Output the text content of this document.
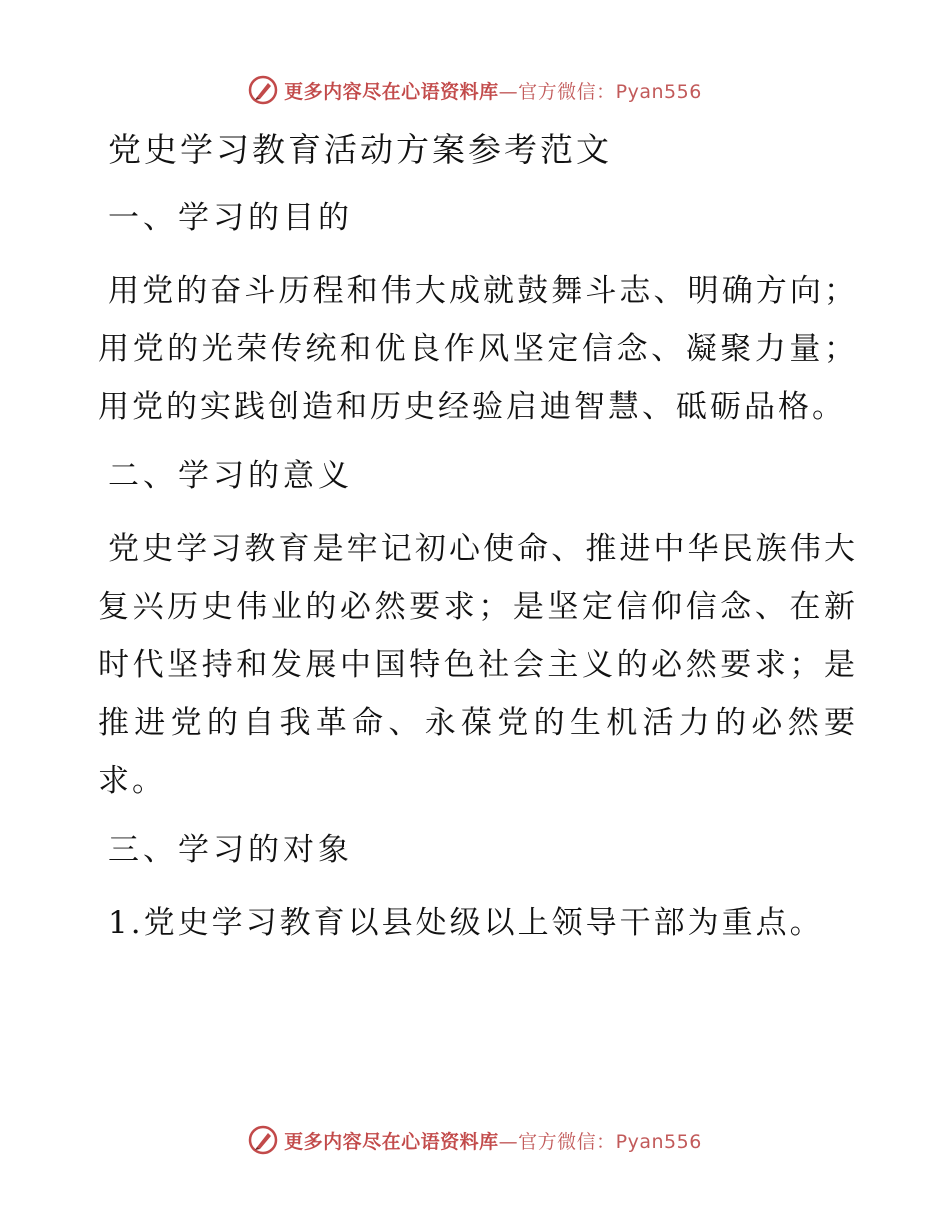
更多内容尽在心语资料库—官方微信：Pyan556
党史学习教育活动方案参考范文
一、学习的目的

用党的奋斗历程和伟大成就鼓舞斗志、明确方向；用党的光荣传统和优良作风坚定信念、凝聚力量；用党的实践创造和历史经验启迪智慧、砥砺品格。

二、学习的意义

党史学习教育是牢记初心使命、推进中华民族伟大复兴历史伟业的必然要求；是坚定信仰信念、在新时代坚持和发展中国特色社会主义的必然要求；是推进党的自我革命、永葆党的生机活力的必然要求。

三、学习的对象

1.党史学习教育以县处级以上领导干部为重点。

更多内容尽在心语资料库—官方微信：Pyan556
